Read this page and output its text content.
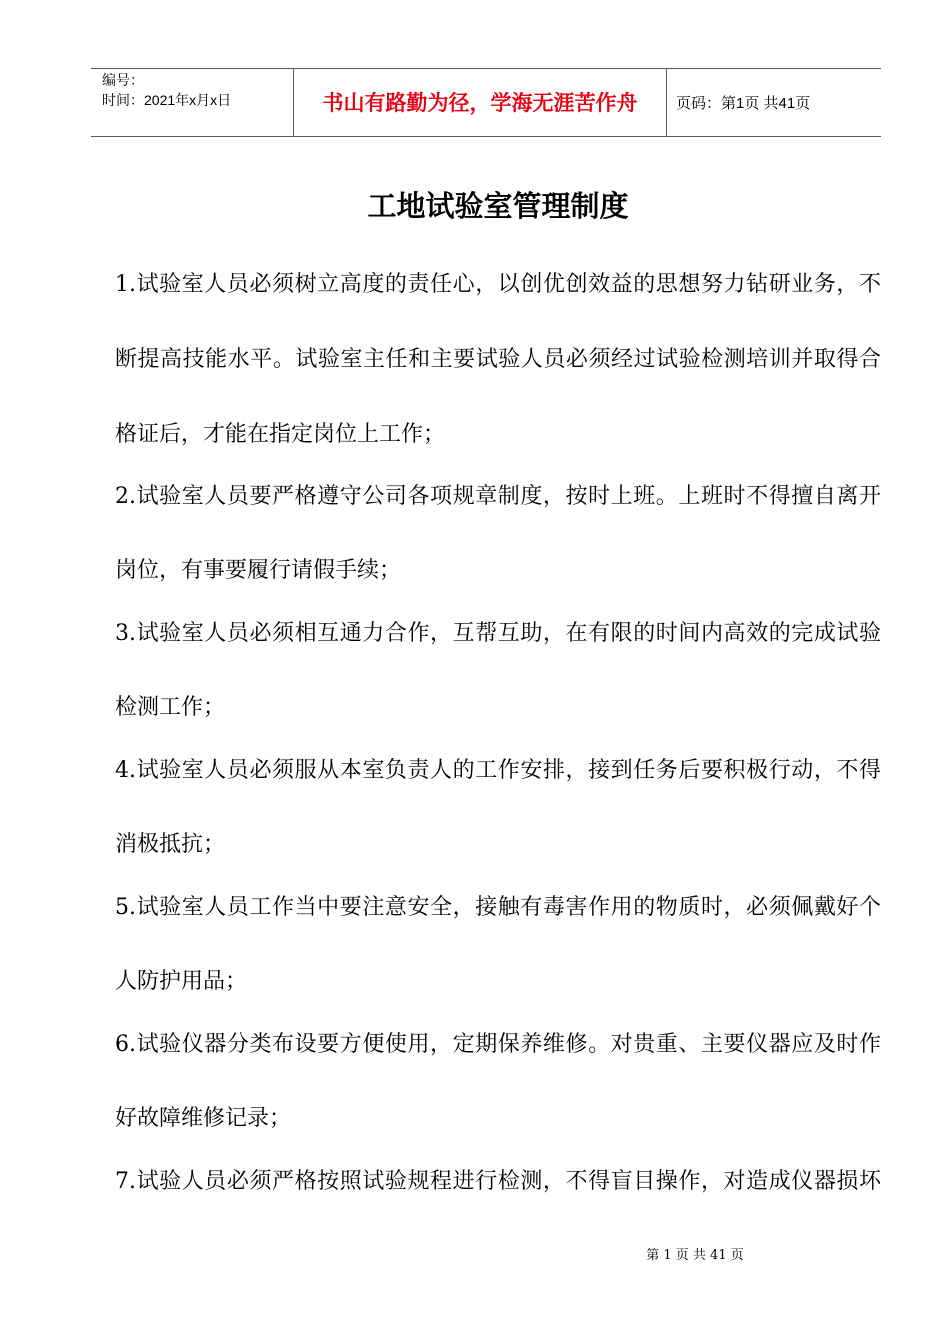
编号：
时间：2021年x月x日	书山有路勤为径，学海无涯苦作舟	页码：第1页 共41页
工地试验室管理制度
1.试验室人员必须树立高度的责任心，以创优创效益的思想努力钻研业务，不
断提高技能水平。试验室主任和主要试验人员必须经过试验检测培训并取得合
格证后，才能在指定岗位上工作；
2.试验室人员要严格遵守公司各项规章制度，按时上班。上班时不得擅自离开
岗位，有事要履行请假手续；
3.试验室人员必须相互通力合作，互帮互助，在有限的时间内高效的完成试验
检测工作；
4.试验室人员必须服从本室负责人的工作安排，接到任务后要积极行动，不得
消极抵抗；
5.试验室人员工作当中要注意安全，接触有毒害作用的物质时，必须佩戴好个
人防护用品；
6.试验仪器分类布设要方便使用，定期保养维修。对贵重、主要仪器应及时作
好故障维修记录；
7.试验人员必须严格按照试验规程进行检测，不得盲目操作，对造成仪器损坏
第 1 页 共 41 页
